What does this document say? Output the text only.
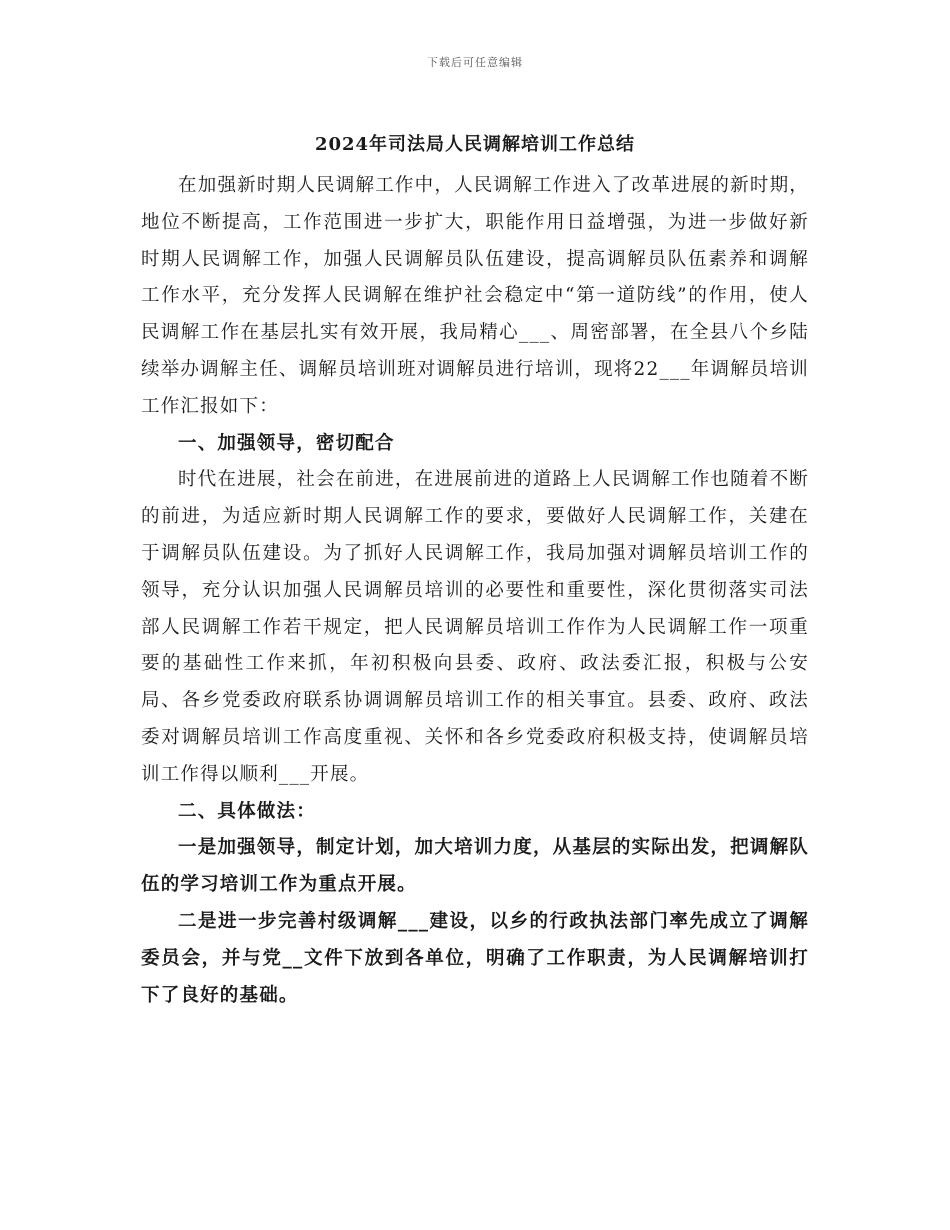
下载后可任意编辑
2024年司法局人民调解培训工作总结

在加强新时期人民调解工作中，人民调解工作进入了改革进展的新时期，地位不断提高，工作范围进一步扩大，职能作用日益增强，为进一步做好新时期人民调解工作，加强人民调解员队伍建设，提高调解员队伍素养和调解工作水平，充分发挥人民调解在维护社会稳定中“第一道防线”的作用，使人民调解工作在基层扎实有效开展，我局精心___、周密部署，在全县八个乡陆续举办调解主任、调解员培训班对调解员进行培训，现将22___年调解员培训工作汇报如下：

一、加强领导，密切配合

时代在进展，社会在前进，在进展前进的道路上人民调解工作也随着不断的前进，为适应新时期人民调解工作的要求，要做好人民调解工作，关建在于调解员队伍建设。为了抓好人民调解工作，我局加强对调解员培训工作的领导，充分认识加强人民调解员培训的必要性和重要性，深化贯彻落实司法部人民调解工作若干规定，把人民调解员培训工作作为人民调解工作一项重要的基础性工作来抓，年初积极向县委、政府、政法委汇报，积极与公安局、各乡党委政府联系协调调解员培训工作的相关事宜。县委、政府、政法委对调解员培训工作高度重视、关怀和各乡党委政府积极支持，使调解员培训工作得以顺利___开展。

二、具体做法：

一是加强领导，制定计划，加大培训力度，从基层的实际出发，把调解队伍的学习培训工作为重点开展。

二是进一步完善村级调解___建设，以乡的行政执法部门率先成立了调解委员会，并与党__文件下放到各单位，明确了工作职责，为人民调解培训打下了良好的基础。
